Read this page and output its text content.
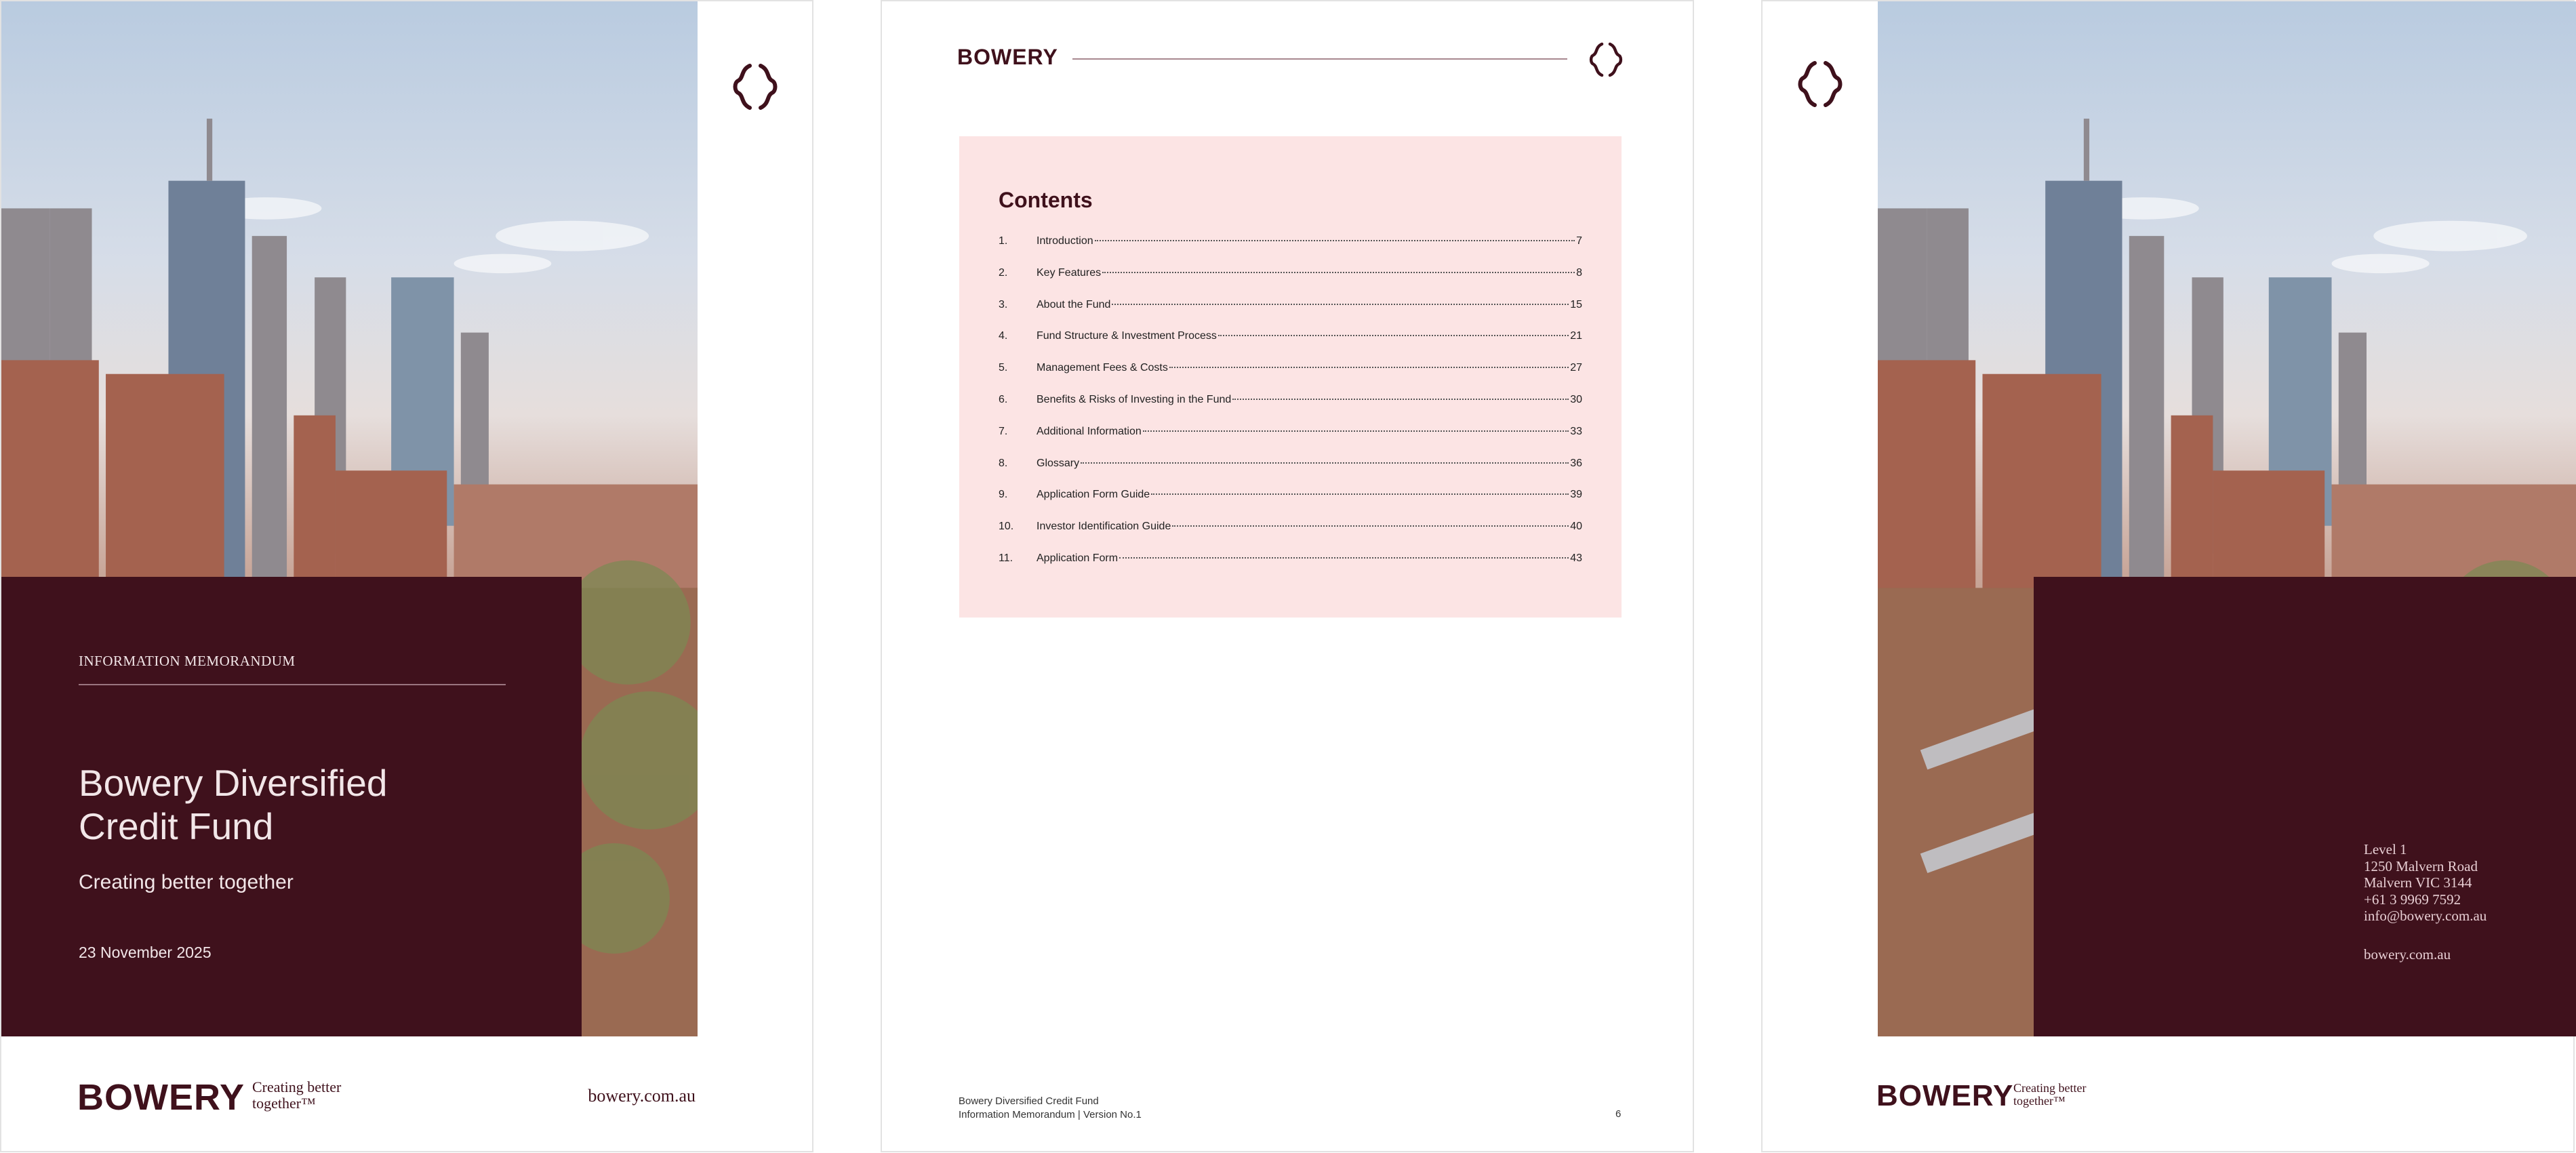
INFORMATION MEMORANDUM
Bowery Diversified
Credit Fund
Creating better together
23 November 2025
BOWERY Creating better
together™	bowery.com.au
BOWERY
Contents
1.	Introduction	7
2.	Key Features	8
3.	About the Fund	15
4.	Fund Structure & Investment Process	21
5.	Management Fees & Costs	27
6.	Benefits & Risks of Investing in the Fund	30
7.	Additional Information	33
8.	Glossary	36
9.	Application Form Guide	39
10.	Investor Identification Guide	40
11.	Application Form	43
Bowery Diversified Credit Fund
Information Memorandum | Version No.1	6
Level 1
1250 Malvern Road
Malvern VIC 3144
+61 3 9969 7592
info@bowery.com.au
bowery.com.au
BOWERY Creating better
together™
